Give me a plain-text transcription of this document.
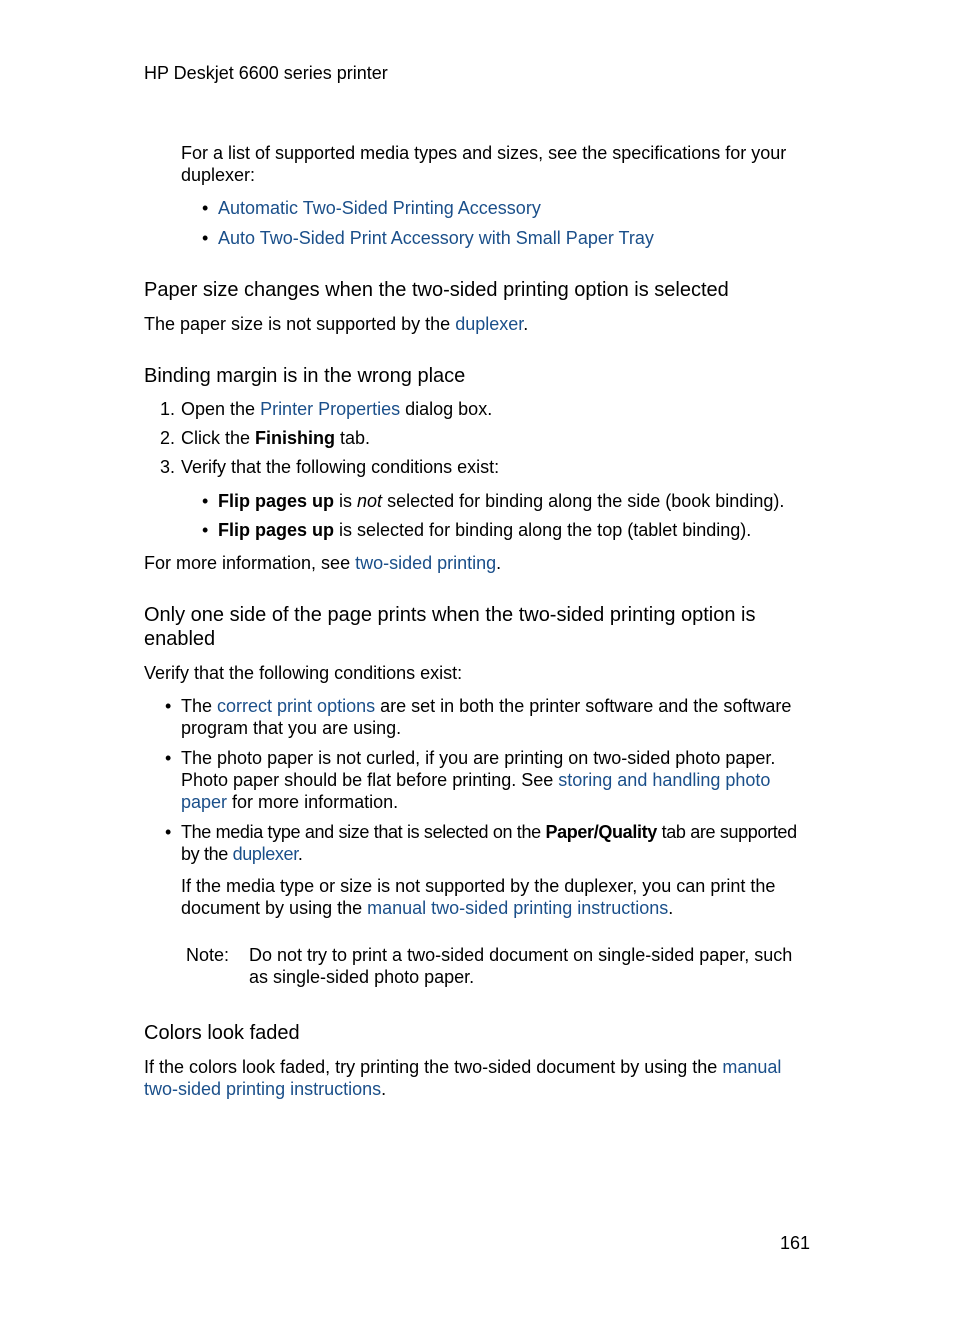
HP Deskjet 6600 series printer

For a list of supported media types and sizes, see the specifications for your duplexer:

• Automatic Two-Sided Printing Accessory
• Auto Two-Sided Print Accessory with Small Paper Tray
Paper size changes when the two-sided printing option is selected

The paper size is not supported by the duplexer.

Binding margin is in the wrong place
1. Open the Printer Properties dialog box.
2. Click the Finishing tab.
3. Verify that the following conditions exist:
• Flip pages up is not selected for binding along the side (book binding).
• Flip pages up is selected for binding along the top (tablet binding).

For more information, see two-sided printing.

Only one side of the page prints when the two-sided printing option is
enabled

Verify that the following conditions exist:

• The correct print options are set in both the printer software and the software
program that you are using.
• The photo paper is not curled, if you are printing on two-sided photo paper.
Photo paper should be flat before printing. See storing and handling photo
paper for more information.
• The media type and size that is selected on the Paper/Quality tab are supported
by the duplexer.

If the media type or size is not supported by the duplexer, you can print the
document by using the manual two-sided printing instructions.

Note: Do not try to print a two-sided document on single-sided paper, such
as single-sided photo paper.

Colors look faded

If the colors look faded, try printing the two-sided document by using the manual
two-sided printing instructions.

161
